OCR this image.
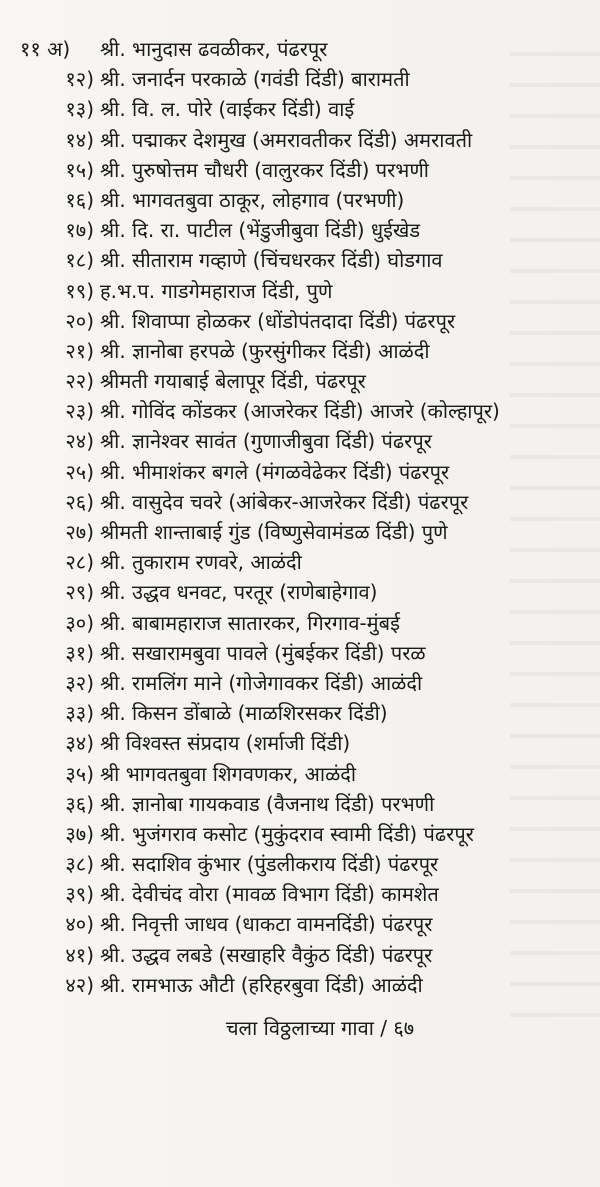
११ अ)	श्री. भानुदास ढवळीकर, पंढरपूर
१२) श्री. जनार्दन परकाळे (गवंडी दिंडी) बारामती
१३) श्री. वि. ल. पोरे (वाईकर दिंडी) वाई
१४) श्री. पद्माकर देशमुख (अमरावतीकर दिंडी) अमरावती
१५) श्री. पुरुषोत्तम चौधरी (वालुरकर दिंडी) परभणी
१६) श्री. भागवतबुवा ठाकूर, लोहगाव (परभणी)
१७) श्री. दि. रा. पाटील (भेंडुजीबुवा दिंडी) धुईखेड
१८) श्री. सीताराम गव्हाणे (चिंचधरकर दिंडी) घोडगाव
१९) ह.भ.प. गाडगेमहाराज दिंडी, पुणे
२०) श्री. शिवाप्पा होळकर (धोंडोपंतदादा दिंडी) पंढरपूर
२१) श्री. ज्ञानोबा हरपळे (फुरसुंगीकर दिंडी) आळंदी
२२) श्रीमती गयाबाई बेलापूर दिंडी, पंढरपूर
२३) श्री. गोविंद कोंडकर (आजरेकर दिंडी) आजरे (कोल्हापूर)
२४) श्री. ज्ञानेश्वर सावंत (गुणाजीबुवा दिंडी) पंढरपूर
२५) श्री. भीमाशंकर बगले (मंगळवेढेकर दिंडी) पंढरपूर
२६) श्री. वासुदेव चवरे (आंबेकर-आजरेकर दिंडी) पंढरपूर
२७) श्रीमती शान्ताबाई गुंड (विष्णुसेवामंडळ दिंडी) पुणे
२८) श्री. तुकाराम रणवरे, आळंदी
२९) श्री. उद्धव धनवट, परतूर (राणेबाहेगाव)
३०) श्री. बाबामहाराज सातारकर, गिरगाव-मुंबई
३१) श्री. सखारामबुवा पावले (मुंबईकर दिंडी) परळ
३२) श्री. रामलिंग माने (गोजेगावकर दिंडी) आळंदी
३३) श्री. किसन डोंबाळे (माळशिरसकर दिंडी)
३४) श्री विश्वस्त संप्रदाय (शर्माजी दिंडी)
३५) श्री भागवतबुवा शिगवणकर, आळंदी
३६) श्री. ज्ञानोबा गायकवाड (वैजनाथ दिंडी) परभणी
३७) श्री. भुजंगराव कसोट (मुकुंदराव स्वामी दिंडी) पंढरपूर
३८) श्री. सदाशिव कुंभार (पुंडलीकराय दिंडी) पंढरपूर
३९) श्री. देवीचंद वोरा (मावळ विभाग दिंडी) कामशेत
४०) श्री. निवृत्ती जाधव (धाकटा वामनदिंडी) पंढरपूर
४१) श्री. उद्धव लबडे (सखाहरि वैकुंठ दिंडी) पंढरपूर
४२) श्री. रामभाऊ औटी (हरिहरबुवा दिंडी) आळंदी
चला विठ्ठलाच्या गावा / ६७
